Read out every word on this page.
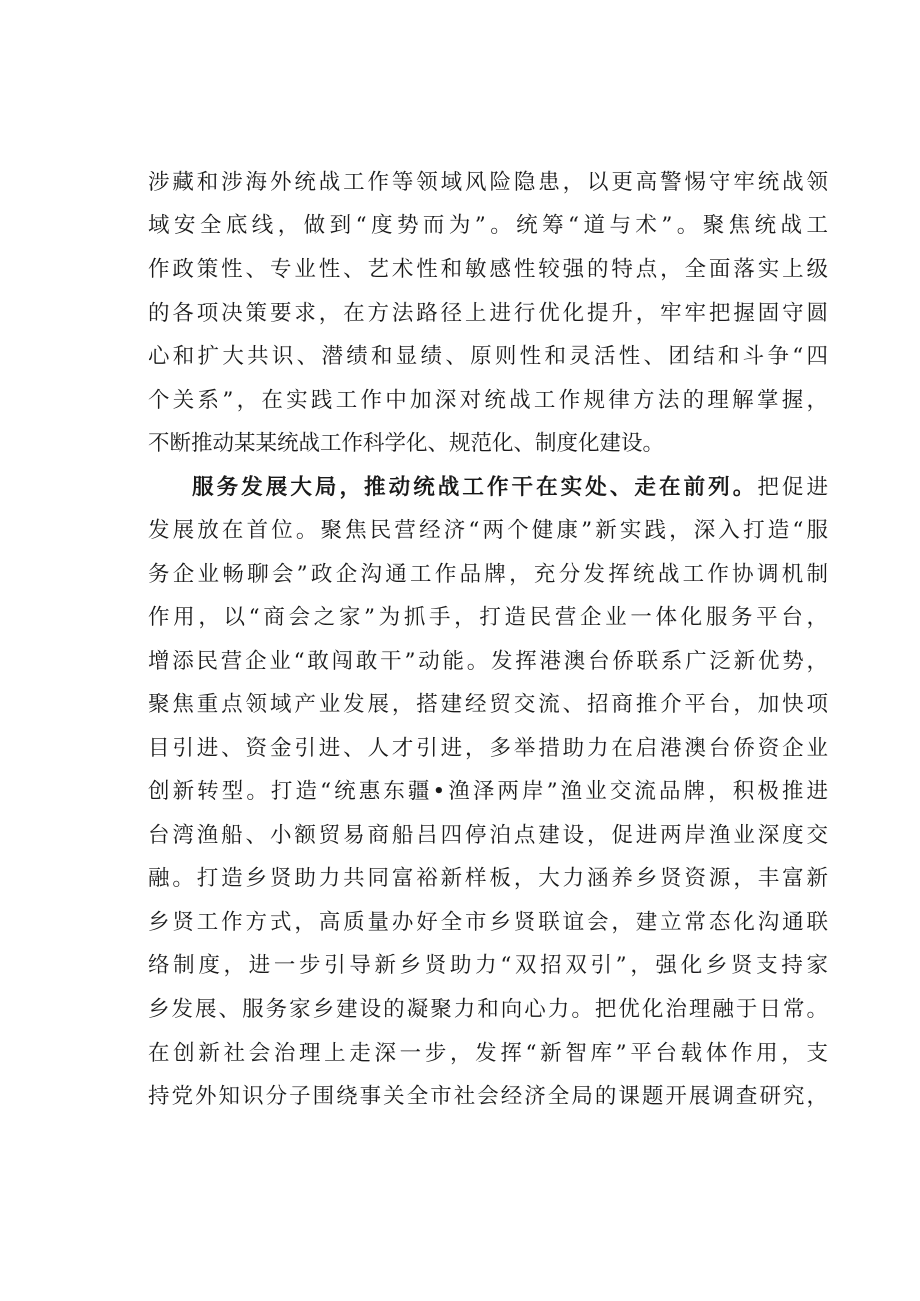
涉藏和涉海外统战工作等领域风险隐患，以更高警惕守牢统战领
域安全底线，做到“度势而为”。统筹“道与术”。聚焦统战工
作政策性、专业性、艺术性和敏感性较强的特点，全面落实上级
的各项决策要求，在方法路径上进行优化提升，牢牢把握固守圆
心和扩大共识、潜绩和显绩、原则性和灵活性、团结和斗争“四
个关系”，在实践工作中加深对统战工作规律方法的理解掌握，
不断推动某某统战工作科学化、规范化、制度化建设。
服务发展大局，推动统战工作干在实处、走在前列。把促进
发展放在首位。聚焦民营经济“两个健康”新实践，深入打造“服
务企业畅聊会”政企沟通工作品牌，充分发挥统战工作协调机制
作用，以“商会之家”为抓手，打造民营企业一体化服务平台，
增添民营企业“敢闯敢干”动能。发挥港澳台侨联系广泛新优势，
聚焦重点领域产业发展，搭建经贸交流、招商推介平台，加快项
目引进、资金引进、人才引进，多举措助力在启港澳台侨资企业
创新转型。打造“统惠东疆•渔泽两岸”渔业交流品牌，积极推进
台湾渔船、小额贸易商船吕四停泊点建设，促进两岸渔业深度交
融。打造乡贤助力共同富裕新样板，大力涵养乡贤资源，丰富新
乡贤工作方式，高质量办好全市乡贤联谊会，建立常态化沟通联
络制度，进一步引导新乡贤助力“双招双引”，强化乡贤支持家
乡发展、服务家乡建设的凝聚力和向心力。把优化治理融于日常。
在创新社会治理上走深一步，发挥“新智库”平台载体作用，支
持党外知识分子围绕事关全市社会经济全局的课题开展调查研究，
